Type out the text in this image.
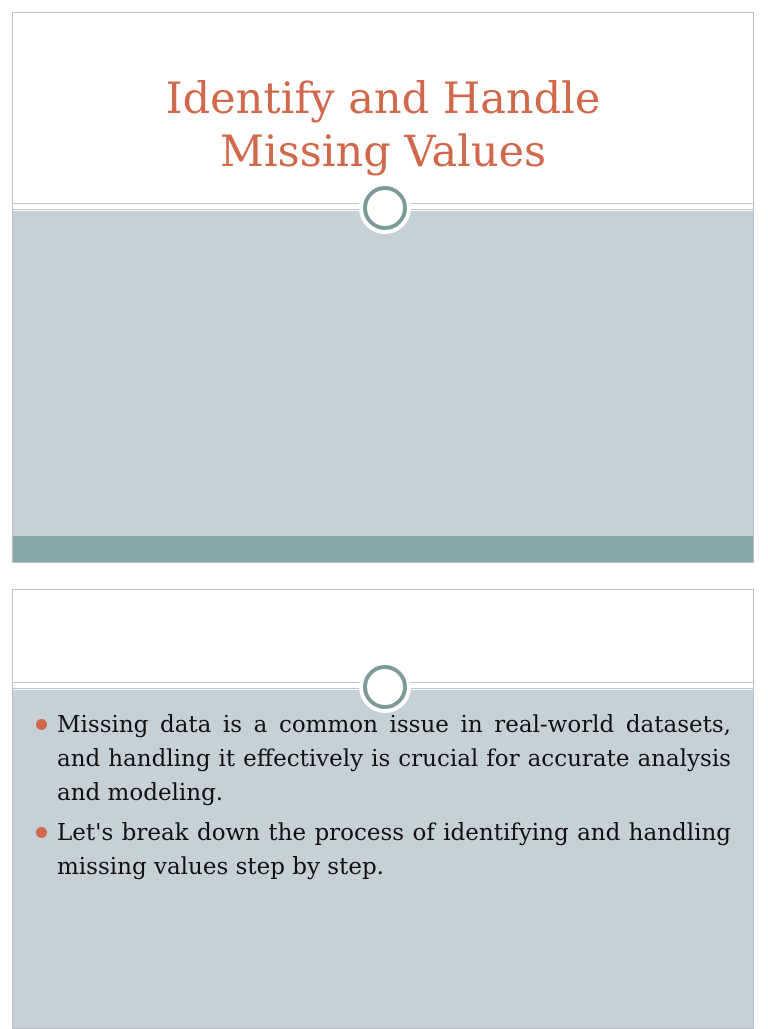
Identify and Handle
Missing Values
Missing data is a common issue in real-world datasets, and handling it effectively is crucial for accurate analysis and modeling.
Let's break down the process of identifying and handling missing values step by step.
